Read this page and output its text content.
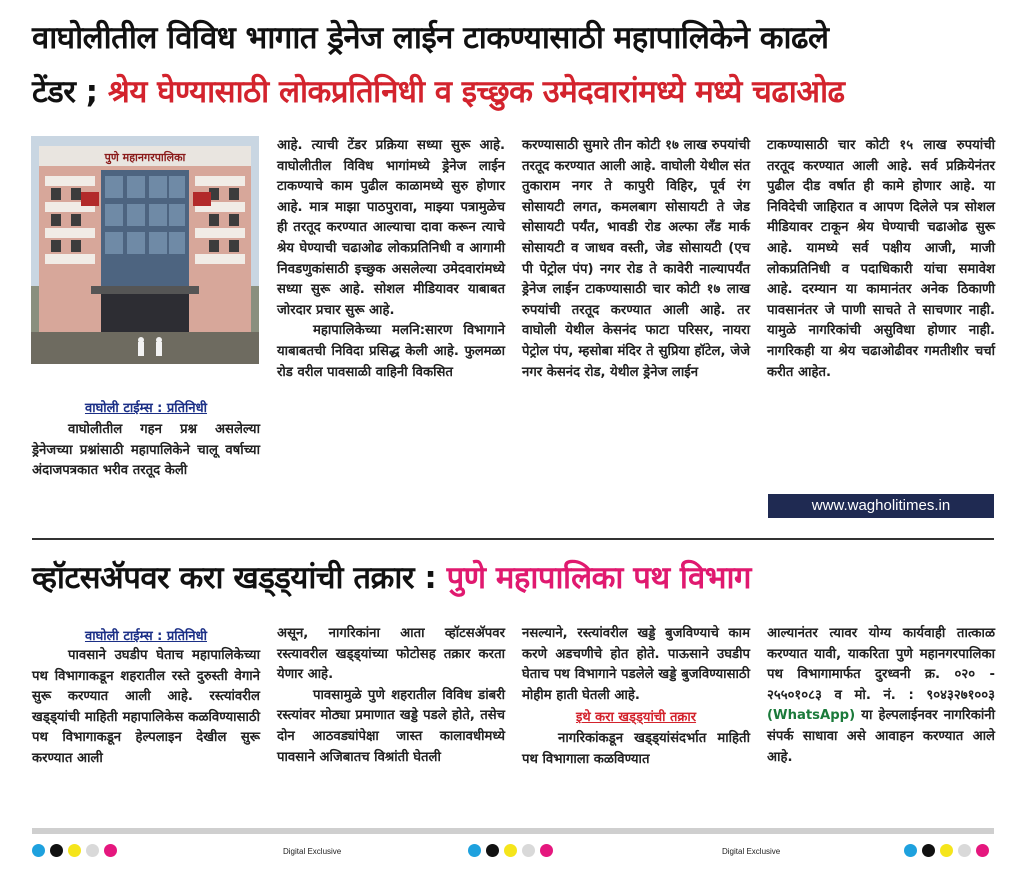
वाघोलीतील विविध भागात ड्रेनेज लाईन टाकण्यासाठी महापालिकेने काढले
टेंडर ; श्रेय घेण्यासाठी लोकप्रतिनिधी व इच्छुक उमेदवारांमध्ये मध्ये चढाओढ
पुणे महानगरपालिका
वाघोली टाईम्स : प्रतिनिधी

वाघोलीतील गहन प्रश्न असलेल्या ड्रेनेजच्या प्रश्नांसाठी महापालिकेने चालू वर्षाच्या अंदाजपत्रकात भरीव तरतूद केली

आहे. त्याची टेंडर प्रक्रिया सध्या सुरू आहे. वाघोलीतील विविध भागांमध्ये ड्रेनेज लाईन टाकण्याचे काम पुढील काळामध्ये सुरु होणार आहे. मात्र माझा पाठपुरावा, माझ्या पत्रामुळेच ही तरतूद करण्यात आल्याचा दावा करून त्याचे श्रेय घेण्याची चढाओढ लोकप्रतिनिधी व आगामी निवडणुकांसाठी इच्छुक असलेल्या उमेदवारांमध्ये सध्या सुरू आहे. सोशल मीडियावर याबाबत जोरदार प्रचार सुरू आहे.

महापालिकेच्या मलनि:सारण विभागाने याबाबतची निविदा प्रसिद्ध केली आहे. फुलमळा रोड वरील पावसाळी वाहिनी विकसित

करण्यासाठी सुमारे तीन कोटी १७ लाख रुपयांची तरतूद करण्यात आली आहे. वाघोली येथील संत तुकाराम नगर ते कापुरी विहिर, पूर्व रंग सोसायटी लगत, कमलबाग सोसायटी ते जेड सोसायटी पर्यंत, भावडी रोड अल्फा लँड मार्क सोसायटी व जाधव वस्ती, जेड सोसायटी (एच पी पेट्रोल पंप) नगर रोड ते कावेरी नाल्यापर्यंत ड्रेनेज लाईन टाकण्यासाठी चार कोटी १७ लाख रुपयांची तरतूद करण्यात आली आहे. तर वाघोली येथील केसनंद फाटा परिसर, नायरा पेट्रोल पंप, म्हसोबा मंदिर ते सुप्रिया हॉटेल, जेजे नगर केसनंद रोड, येथील ड्रेनेज लाईन

टाकण्यासाठी चार कोटी १५ लाख रुपयांची तरतूद करण्यात आली आहे. सर्व प्रक्रियेनंतर पुढील दीड वर्षात ही कामे होणार आहे. या निविदेची जाहिरात व आपण दिलेले पत्र सोशल मीडियावर टाकून श्रेय घेण्याची चढाओढ सुरू आहे. यामध्ये सर्व पक्षीय आजी, माजी लोकप्रतिनिधी व पदाधिकारी यांचा समावेश आहे. दरम्यान या कामानंतर अनेक ठिकाणी पावसानंतर जे पाणी साचते ते साचणार नाही. यामुळे नागरिकांची असुविधा होणार नाही. नागरिकही या श्रेय चढाओढीवर गमतीशीर चर्चा करीत आहेत.

www.wagholitimes.in
व्हॉटसॲपवर करा खड्ड्यांची तक्रार : पुणे महापालिका पथ विभाग
वाघोली टाईम्स : प्रतिनिधी

पावसाने उघडीप घेताच महापालिकेच्या पथ विभागाकडून शहरातील रस्ते दुरुस्ती वेगाने सुरू करण्यात आली आहे. रस्त्यांवरील खड्ड्यांची माहिती महापालिकेस कळविण्यासाठी पथ विभागाकडून हेल्पलाइन देखील सुरू करण्यात आली

असून, नागरिकांना आता व्हॉटसॲपवर रस्त्यावरील खड्ड्यांच्या फोटोसह तक्रार करता येणार आहे.

पावसामुळे पुणे शहरातील विविध डांबरी रस्त्यांवर मोठ्या प्रमाणात खड्डे पडले होते, तसेच दोन आठवड्यांपेक्षा जास्त कालावधीमध्ये पावसाने अजिबातच विश्रांती घेतली

नसल्याने, रस्त्यांवरील खड्डे बुजविण्याचे काम करणे अडचणीचे होत होते. पाऊसाने उघडीप घेताच पथ विभागाने पडलेले खड्डे बुजविण्यासाठी मोहीम हाती घेतली आहे.

इथे करा खड्ड्यांची तक्रार

नागरिकांकडून खड्ड्यांसंदर्भात माहिती पथ विभागाला कळविण्यात

आल्यानंतर त्यावर योग्य कार्यवाही तात्काळ करण्यात यावी, याकरिता पुणे महानगरपालिका पथ विभागामार्फत दुरध्वनी क्र. ०२० - २५५०१०८३ व मो. नं. : ९०४३२७१००३ (WhatsApp) या हेल्पलाईनवर नागरिकांनी संपर्क साधावा असे आवाहन करण्यात आले आहे.

Digital Exclusive	Digital Exclusive
